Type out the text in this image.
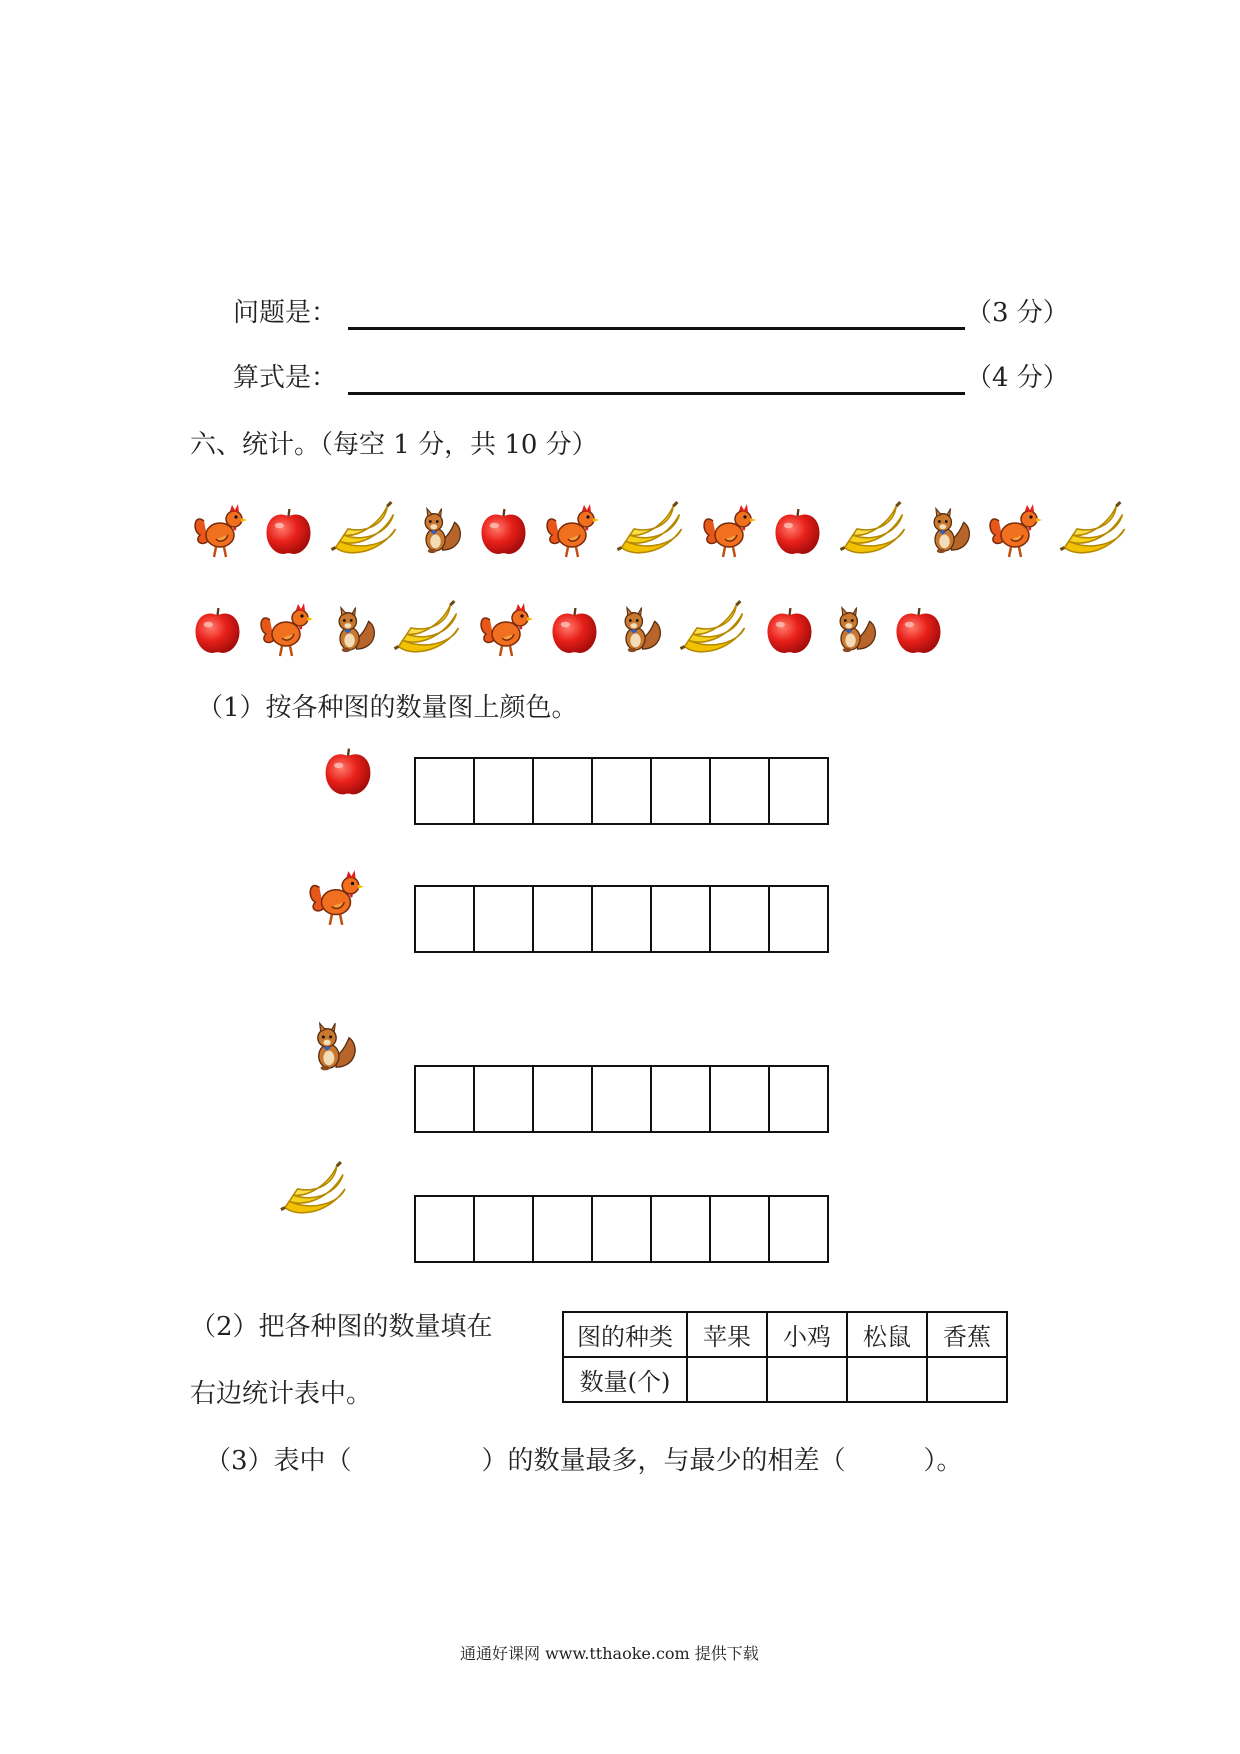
问题是：	（3 分）
算式是：	（4 分）
六、统计。（每空 1 分，共 10 分）
（1）按各种图的数量图上颜色。
（2）把各种图的数量填在
右边统计表中。
图的种类	苹果	小鸡	松鼠	香蕉
数量(个)				
（3）表中（　　　　　）的数量最多，与最少的相差（　　　）。
通通好课网 www.tthaoke.com 提供下载
